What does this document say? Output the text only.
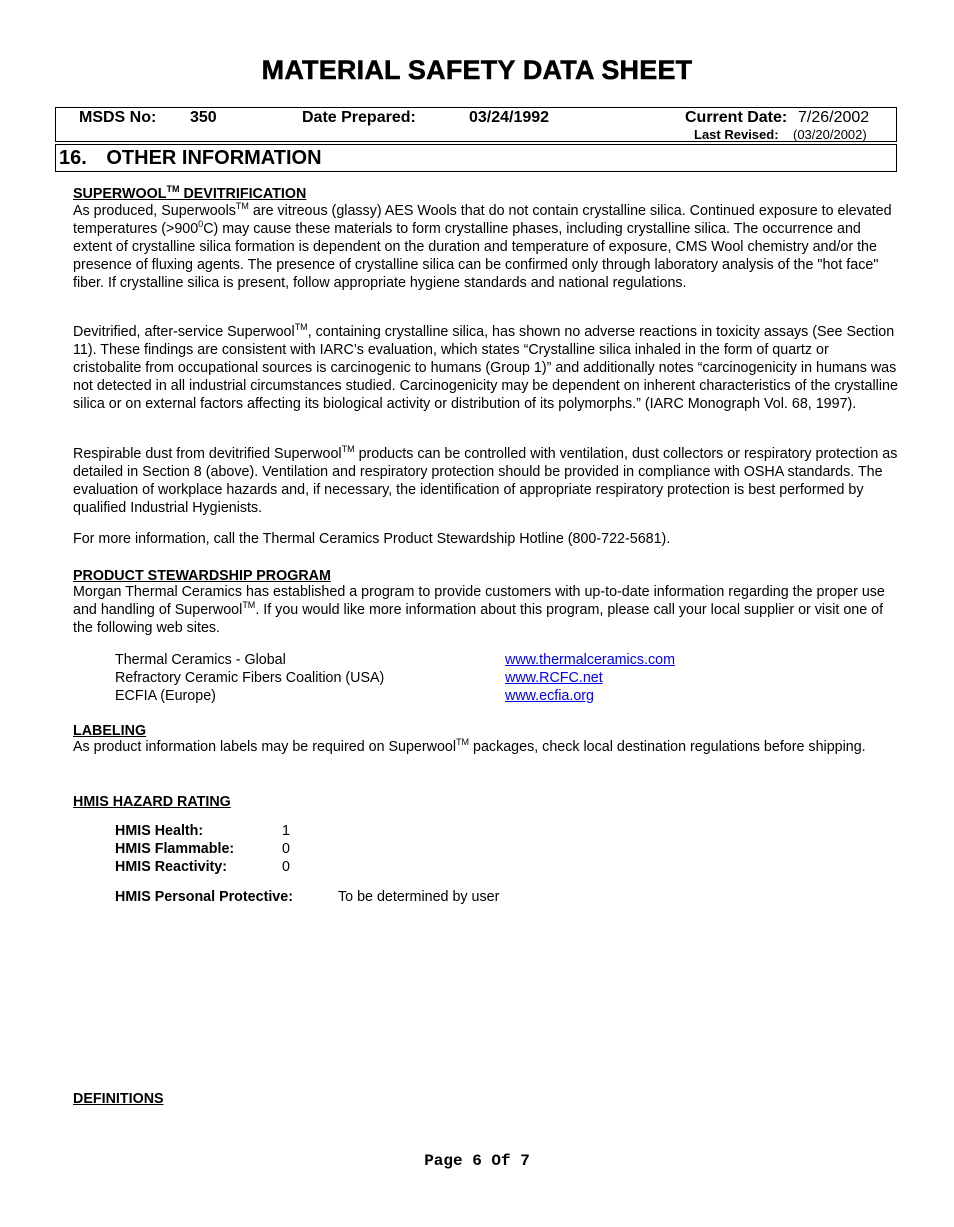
MATERIAL SAFETY DATA SHEET
MSDS No: 350	Date Prepared:	03/24/1992	Current Date: 7/26/2002
Last Revised: (03/20/2002)
16. OTHER INFORMATION
SUPERWOOL™ DEVITRIFICATION
As produced, Superwools™ are vitreous (glassy) AES Wools that do not contain crystalline silica. Continued exposure to elevated temperatures $(>900^0C)$ may cause these materials to form crystalline phases, including crystalline silica. The occurrence and extent of crystalline silica formation is dependent on the duration and temperature of exposure, CMS Wool chemistry and/or the presence of fluxing agents. The presence of crystalline silica can be confirmed only through laboratory analysis of the "hot face" fiber. If crystalline silica is present, follow appropriate hygiene standards and national regulations.
Devitrified, after-service Superwool™, containing crystalline silica, has shown no adverse reactions in toxicity assays (See Section 11). These findings are consistent with IARC’s evaluation, which states “Crystalline silica inhaled in the form of quartz or cristobalite from occupational sources is carcinogenic to humans (Group 1)” and additionally notes “carcinogenicity in humans was not detected in all industrial circumstances studied. Carcinogenicity may be dependent on inherent characteristics of the crystalline silica or on external factors affecting its biological activity or distribution of its polymorphs.” (IARC Monograph Vol. 68, 1997).
Respirable dust from devitrified Superwool™ products can be controlled with ventilation, dust collectors or respiratory protection as detailed in Section 8 (above). Ventilation and respiratory protection should be provided in compliance with OSHA standards. The evaluation of workplace hazards and, if necessary, the identification of appropriate respiratory protection is best performed by qualified Industrial Hygienists.
For more information, call the Thermal Ceramics Product Stewardship Hotline (800-722-5681).
PRODUCT STEWARDSHIP PROGRAM
Morgan Thermal Ceramics has established a program to provide customers with up-to-date information regarding the proper use and handling of Superwool™. If you would like more information about this program, please call your local supplier or visit one of the following web sites.
Thermal Ceramics - Global	www.thermalceramics.com
Refractory Ceramic Fibers Coalition (USA)	www.RCFC.net
ECFIA (Europe)	www.ecfia.org
LABELING
As product information labels may be required on Superwool™ packages, check local destination regulations before shipping.
HMIS HAZARD RATING
HMIS Health:	1
HMIS Flammable:	0
HMIS Reactivity:	0
HMIS Personal Protective:	To be determined by user
DEFINITIONS
Page 6 Of 7
